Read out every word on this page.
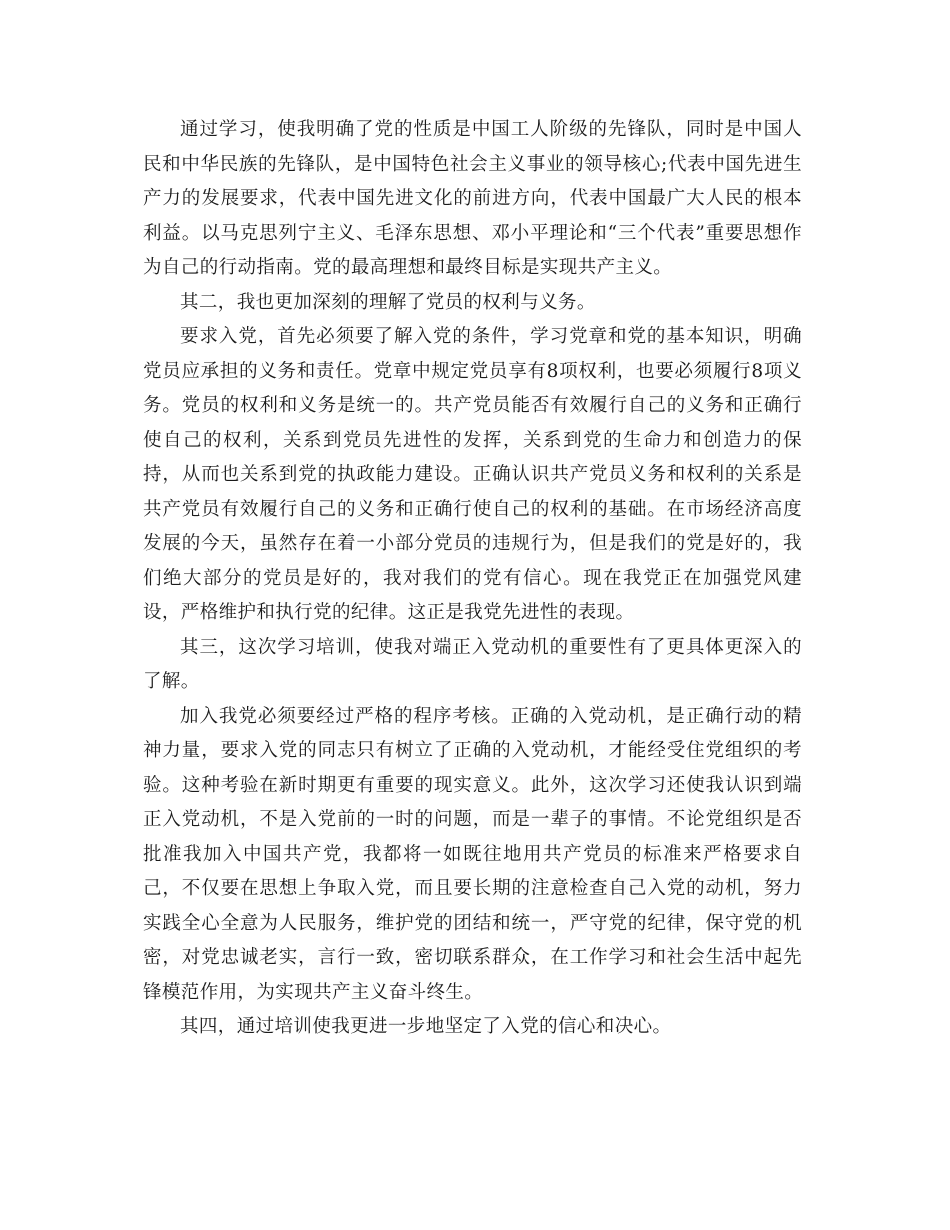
通过学习，使我明确了党的性质是中国工人阶级的先锋队，同时是中国人民和中华民族的先锋队，是中国特色社会主义事业的领导核心;代表中国先进生产力的发展要求，代表中国先进文化的前进方向，代表中国最广大人民的根本利益。以马克思列宁主义、毛泽东思想、邓小平理论和“三个代表”重要思想作为自己的行动指南。党的最高理想和最终目标是实现共产主义。

其二，我也更加深刻的理解了党员的权利与义务。

要求入党，首先必须要了解入党的条件，学习党章和党的基本知识，明确党员应承担的义务和责任。党章中规定党员享有8项权利，也要必须履行8项义务。党员的权利和义务是统一的。共产党员能否有效履行自己的义务和正确行使自己的权利，关系到党员先进性的发挥，关系到党的生命力和创造力的保持，从而也关系到党的执政能力建设。正确认识共产党员义务和权利的关系是共产党员有效履行自己的义务和正确行使自己的权利的基础。在市场经济高度发展的今天，虽然存在着一小部分党员的违规行为，但是我们的党是好的，我们绝大部分的党员是好的，我对我们的党有信心。现在我党正在加强党风建设，严格维护和执行党的纪律。这正是我党先进性的表现。

其三，这次学习培训，使我对端正入党动机的重要性有了更具体更深入的了解。

加入我党必须要经过严格的程序考核。正确的入党动机，是正确行动的精神力量，要求入党的同志只有树立了正确的入党动机，才能经受住党组织的考验。这种考验在新时期更有重要的现实意义。此外，这次学习还使我认识到端正入党动机，不是入党前的一时的问题，而是一辈子的事情。不论党组织是否批准我加入中国共产党，我都将一如既往地用共产党员的标准来严格要求自己，不仅要在思想上争取入党，而且要长期的注意检查自己入党的动机，努力实践全心全意为人民服务，维护党的团结和统一，严守党的纪律，保守党的机密，对党忠诚老实，言行一致，密切联系群众，在工作学习和社会生活中起先锋模范作用，为实现共产主义奋斗终生。

其四，通过培训使我更进一步地坚定了入党的信心和决心。
